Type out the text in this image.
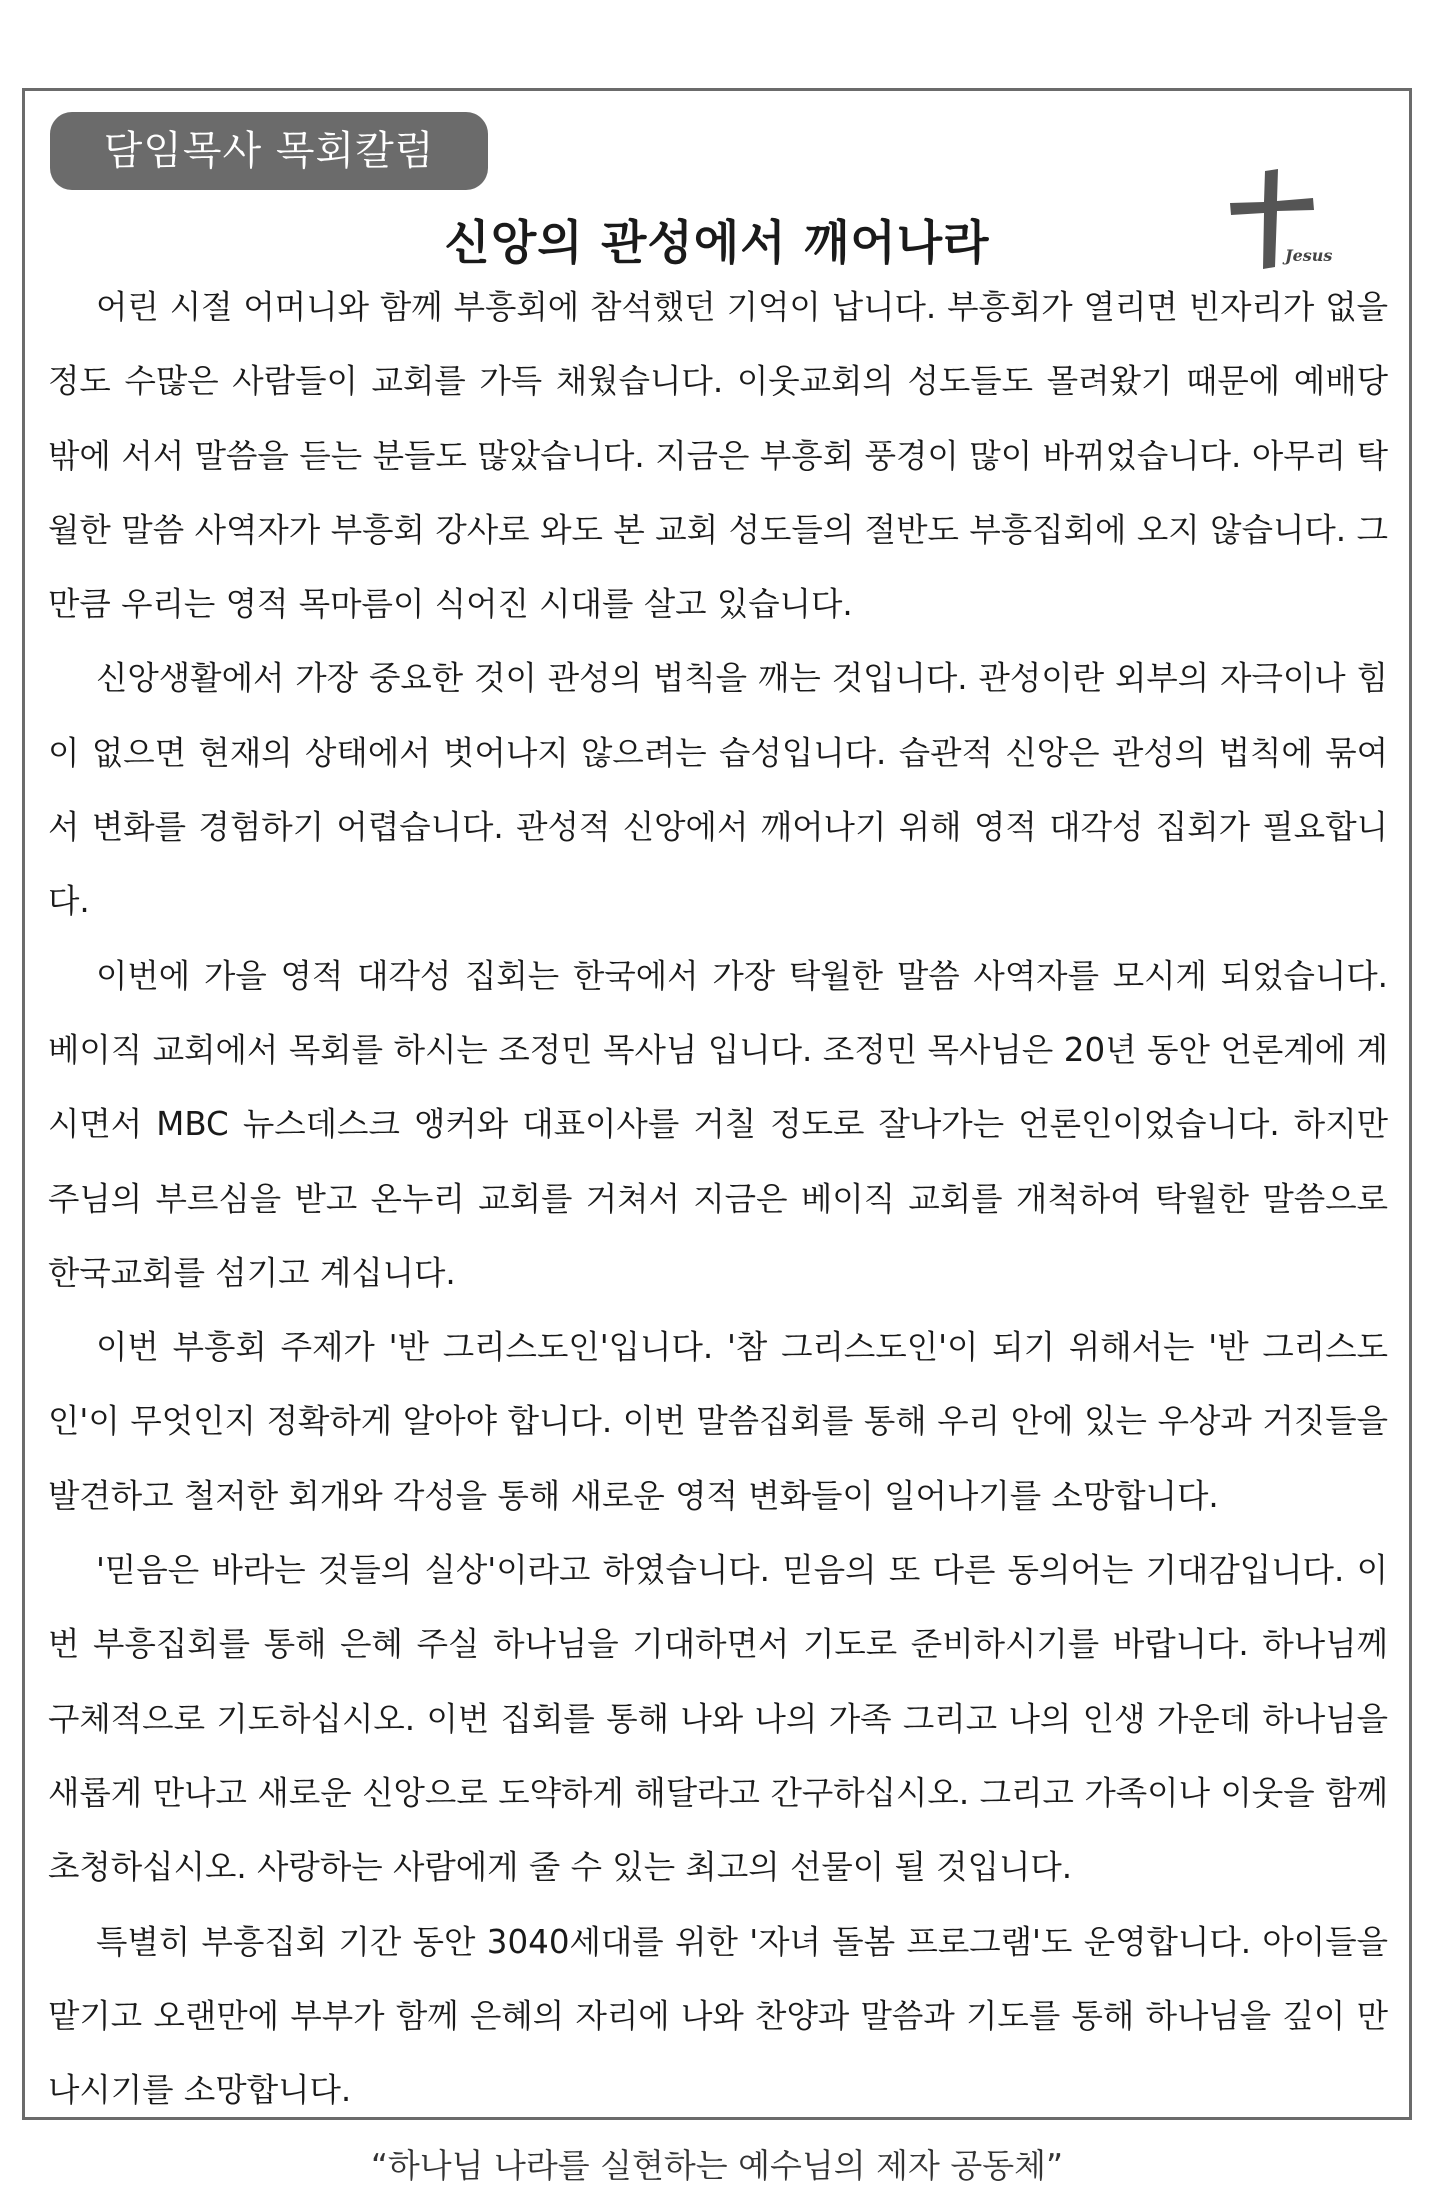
담임목사 목회칼럼
신앙의 관성에서 깨어나라	Jesus

어린 시절 어머니와 함께 부흥회에 참석했던 기억이 납니다. 부흥회가 열리면 빈자리가 없을 정도 수많은 사람들이 교회를 가득 채웠습니다. 이웃교회의 성도들도 몰려왔기 때문에 예배당 밖에 서서 말씀을 듣는 분들도 많았습니다. 지금은 부흥회 풍경이 많이 바뀌었습니다. 아무리 탁월한 말씀 사역자가 부흥회 강사로 와도 본 교회 성도들의 절반도 부흥집회에 오지 않습니다. 그만큼 우리는 영적 목마름이 식어진 시대를 살고 있습니다.

신앙생활에서 가장 중요한 것이 관성의 법칙을 깨는 것입니다. 관성이란 외부의 자극이나 힘이 없으면 현재의 상태에서 벗어나지 않으려는 습성입니다. 습관적 신앙은 관성의 법칙에 묶여서 변화를 경험하기 어렵습니다. 관성적 신앙에서 깨어나기 위해 영적 대각성 집회가 필요합니다.

이번에 가을 영적 대각성 집회는 한국에서 가장 탁월한 말씀 사역자를 모시게 되었습니다. 베이직 교회에서 목회를 하시는 조정민 목사님 입니다. 조정민 목사님은 20년 동안 언론계에 계시면서 MBC 뉴스데스크 앵커와 대표이사를 거칠 정도로 잘나가는 언론인이었습니다. 하지만 주님의 부르심을 받고 온누리 교회를 거쳐서 지금은 베이직 교회를 개척하여 탁월한 말씀으로 한국교회를 섬기고 계십니다.

이번 부흥회 주제가 '반 그리스도인'입니다. '참 그리스도인'이 되기 위해서는 '반 그리스도인'이 무엇인지 정확하게 알아야 합니다. 이번 말씀집회를 통해 우리 안에 있는 우상과 거짓들을 발견하고 철저한 회개와 각성을 통해 새로운 영적 변화들이 일어나기를 소망합니다.

'믿음은 바라는 것들의 실상'이라고 하였습니다. 믿음의 또 다른 동의어는 기대감입니다. 이번 부흥집회를 통해 은혜 주실 하나님을 기대하면서 기도로 준비하시기를 바랍니다. 하나님께 구체적으로 기도하십시오. 이번 집회를 통해 나와 나의 가족 그리고 나의 인생 가운데 하나님을 새롭게 만나고 새로운 신앙으로 도약하게 해달라고 간구하십시오. 그리고 가족이나 이웃을 함께 초청하십시오. 사랑하는 사람에게 줄 수 있는 최고의 선물이 될 것입니다.

특별히 부흥집회 기간 동안 3040세대를 위한 '자녀 돌봄 프로그램'도 운영합니다. 아이들을 맡기고 오랜만에 부부가 함께 은혜의 자리에 나와 찬양과 말씀과 기도를 통해 하나님을 깊이 만나시기를 소망합니다.

“하나님 나라를 실현하는 예수님의 제자 공동체”
